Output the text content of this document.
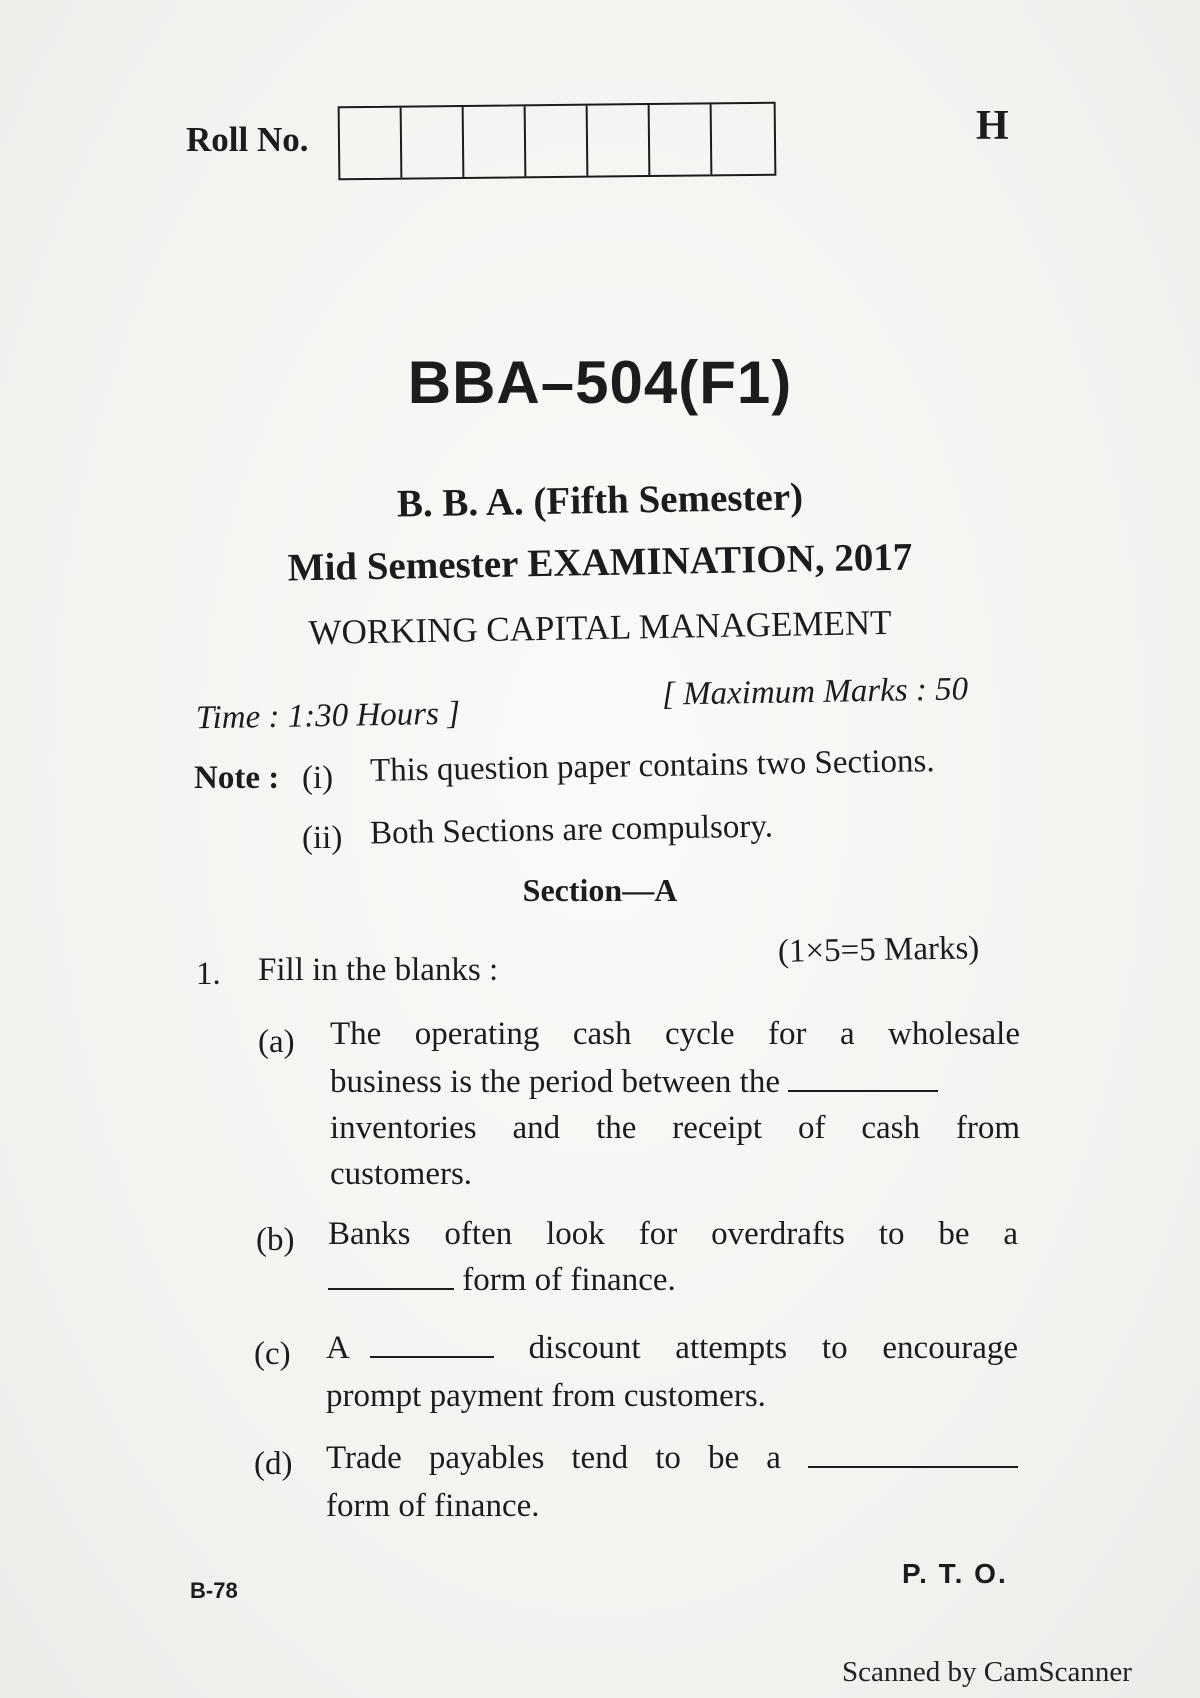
Roll No.	H
BBA–504(F1)
B. B. A. (Fifth Semester)
Mid Semester EXAMINATION, 2017
WORKING CAPITAL MANAGEMENT
Time : 1:30 Hours ]
[ Maximum Marks : 50
Note : (i) This question paper contains two Sections.
(ii) Both Sections are compulsory.
Section—A
1. Fill in the blanks :
(1×5=5 Marks)
(a) The operating cash cycle for a wholesale
business is the period between the
inventories and the receipt of cash from
customers.
(b) Banks often look for overdrafts to be a
form of finance.
(c) A	discount attempts to encourage
prompt payment from customers.
(d) Trade payables tend to be a
form of finance.
B-78
P. T. O.
Scanned by CamScanner
